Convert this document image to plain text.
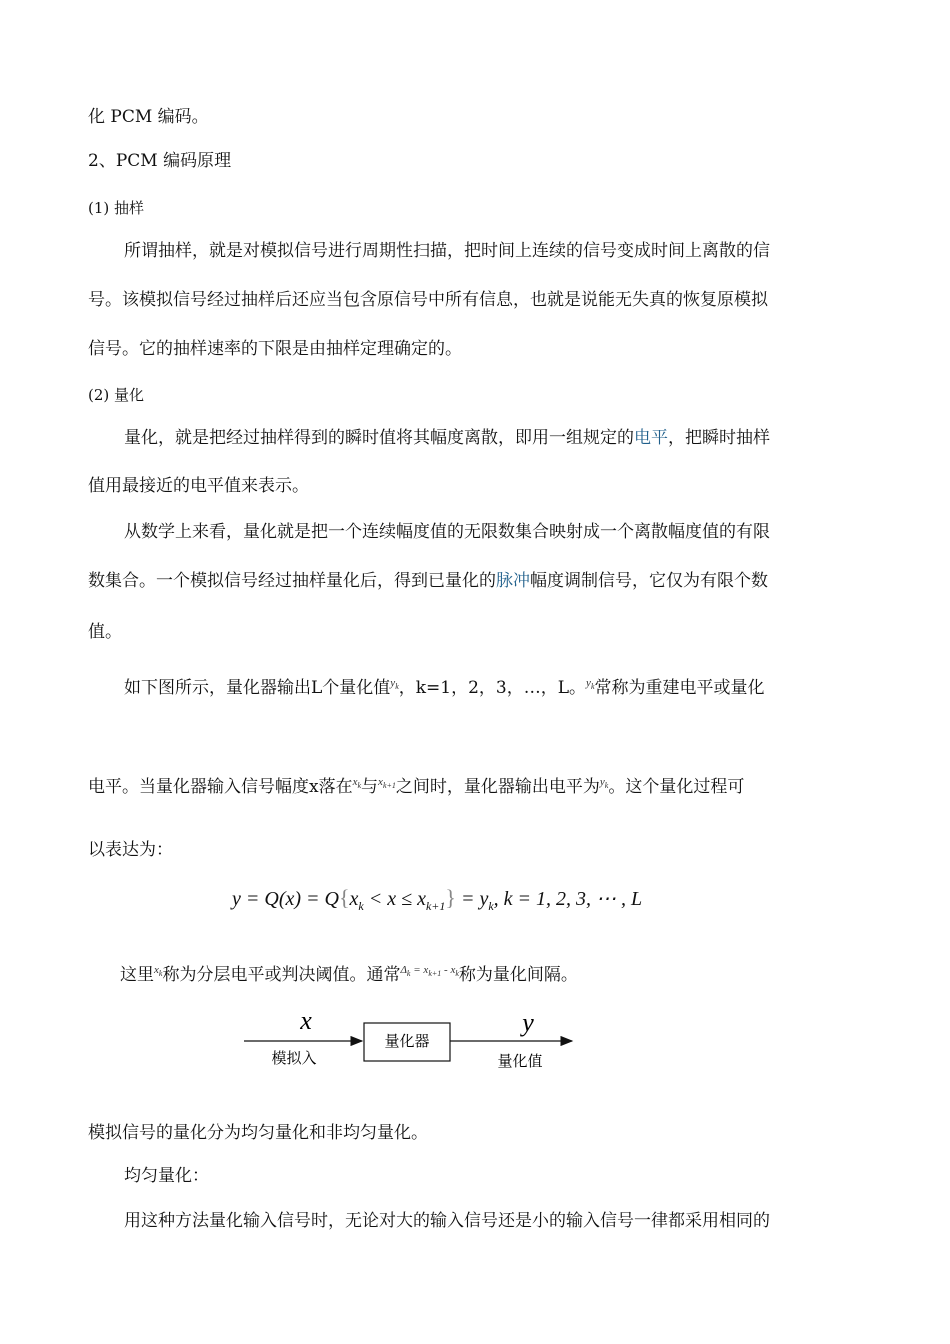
化 PCM 编码。
2、PCM 编码原理
(1) 抽样
所谓抽样，就是对模拟信号进行周期性扫描，把时间上连续的信号变成时间上离散的信
号。该模拟信号经过抽样后还应当包含原信号中所有信息，也就是说能无失真的恢复原模拟
信号。它的抽样速率的下限是由抽样定理确定的。
(2) 量化
量化，就是把经过抽样得到的瞬时值将其幅度离散，即用一组规定的电平，把瞬时抽样
值用最接近的电平值来表示。
从数学上来看，量化就是把一个连续幅度值的无限数集合映射成一个离散幅度值的有限
数集合。一个模拟信号经过抽样量化后，得到已量化的脉冲幅度调制信号，它仅为有限个数
值。
如下图所示，量化器输出L个量化值$^{y_k}$，k=1，2，3，…，L。$^{y_k}$常称为重建电平或量化
电平。当量化器输入信号幅度x落在$^{x_k}$与$^{x_{k+1}}$之间时，量化器输出电平为$^{y_k}$。这个量化过程可
以表达为：
$y = Q(x) = Q\{x_k < x \le x_{k+1}\} = y_k$, k = 1, 2, 3, ⋯ , L
这里$^{x_k}$称为分层电平或判决阈值。通常$^{\Delta_k = x_{k+1} - x_k}$称为量化间隔。
x	y
量化器
模拟入	量化值
模拟信号的量化分为均匀量化和非均匀量化。
均匀量化：
用这种方法量化输入信号时，无论对大的输入信号还是小的输入信号一律都采用相同的
